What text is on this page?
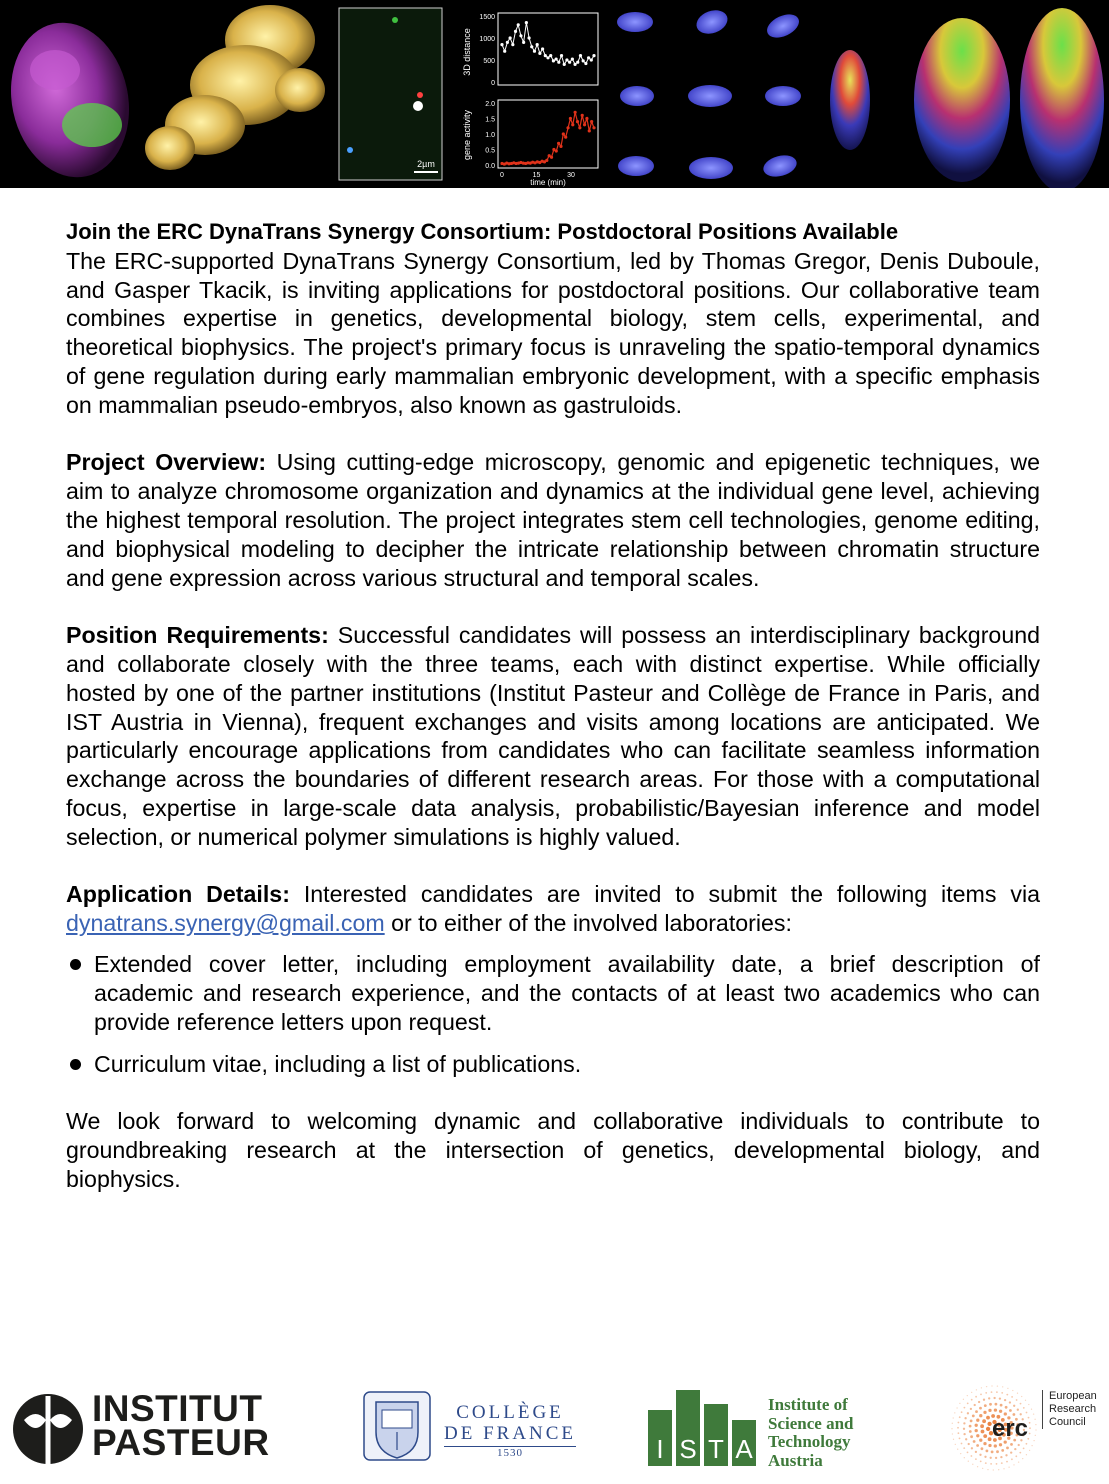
2µm
3D distance
1500
1000
500
0
gene activity
2.0
1.5
1.0
0.5
0.0
0	15	30
time (min)

Join the ERC DynaTrans Synergy Consortium: Postdoctoral Positions Available

The ERC-supported DynaTrans Synergy Consortium, led by Thomas Gregor, Denis Duboule, and Gasper Tkacik, is inviting applications for postdoctoral positions. Our collaborative team combines expertise in genetics, developmental biology, stem cells, experimental, and theoretical biophysics. The project's primary focus is unraveling the spatio-temporal dynamics of gene regulation during early mammalian embryonic development, with a specific emphasis on mammalian pseudo-embryos, also known as gastruloids.

Project Overview: Using cutting-edge microscopy, genomic and epigenetic techniques, we aim to analyze chromosome organization and dynamics at the individual gene level, achieving the highest temporal resolution. The project integrates stem cell technologies, genome editing, and biophysical modeling to decipher the intricate relationship between chromatin structure and gene expression across various structural and temporal scales.

Position Requirements: Successful candidates will possess an interdisciplinary background and collaborate closely with the three teams, each with distinct expertise. While officially hosted by one of the partner institutions (Institut Pasteur and Collège de France in Paris, and IST Austria in Vienna), frequent exchanges and visits among locations are anticipated. We particularly encourage applications from candidates who can facilitate seamless information exchange across the boundaries of different research areas. For those with a computational focus, expertise in large-scale data analysis, probabilistic/Bayesian inference and model selection, or numerical polymer simulations is highly valued.

Application Details: Interested candidates are invited to submit the following items via dynatrans.synergy@gmail.com or to either of the involved laboratories:

Extended cover letter, including employment availability date, a brief description of academic and research experience, and the contacts of at least two academics who can provide reference letters upon request.
Curriculum vitae, including a list of publications.

We look forward to welcoming dynamic and collaborative individuals to contribute to groundbreaking research at the intersection of genetics, developmental biology, and biophysics.

INSTITUT
PASTEUR
COLLÈGE
DE FRANCE
1530	I S T A
Institute of
Science and
Technology
Austria
erc
European
Research
Council
